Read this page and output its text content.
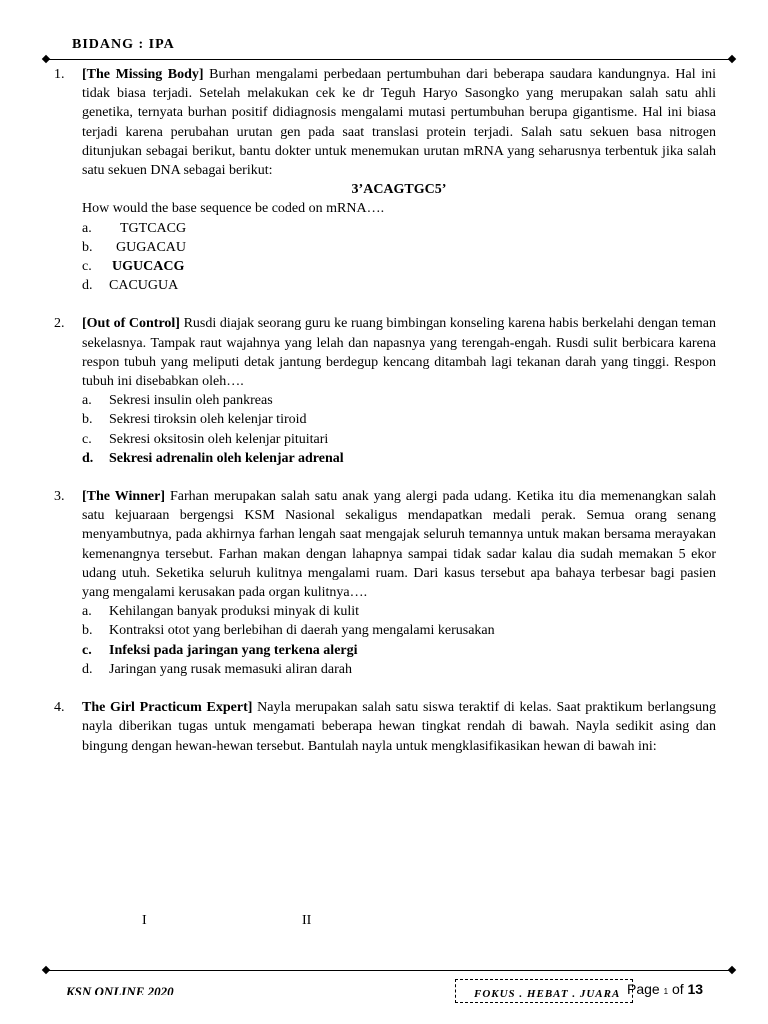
BIDANG : IPA
1. [The Missing Body] Burhan mengalami perbedaan pertumbuhan dari beberapa saudara kandungnya. Hal ini tidak biasa terjadi. Setelah melakukan cek ke dr Teguh Haryo Sasongko yang merupakan salah satu ahli genetika, ternyata burhan positif didiagnosis mengalami mutasi pertumbuhan berupa gigantisme. Hal ini biasa terjadi karena perubahan urutan gen pada saat translasi protein terjadi. Salah satu sekuen basa nitrogen ditunjukan sebagai berikut, bantu dokter untuk menemukan urutan mRNA yang seharusnya terbentuk jika salah satu sekuen DNA sebagai berikut:
3’ACAGTGC5’
How would the base sequence be coded on mRNA….
a.	TGTCACG
b.	GUGACAU
c.	UGUCACG
d.	CACUGUA
2. [Out of Control] Rusdi diajak seorang guru ke ruang bimbingan konseling karena habis berkelahi dengan teman sekelasnya. Tampak raut wajahnya yang lelah dan napasnya yang terengah-engah. Rusdi sulit berbicara karena respon tubuh yang meliputi detak jantung berdegup kencang ditambah lagi tekanan darah yang tinggi. Respon tubuh ini disebabkan oleh….
a.	Sekresi insulin oleh pankreas
b.	Sekresi tiroksin oleh kelenjar tiroid
c.	Sekresi oksitosin oleh kelenjar pituitari
d.	Sekresi adrenalin oleh kelenjar adrenal
3. [The Winner] Farhan merupakan salah satu anak yang alergi pada udang. Ketika itu dia memenangkan salah satu kejuaraan bergengsi KSM Nasional sekaligus mendapatkan medali perak. Semua orang senang menyambutnya, pada akhirnya farhan lengah saat mengajak seluruh temannya untuk makan bersama merayakan kemenangnya tersebut. Farhan makan dengan lahapnya sampai tidak sadar kalau dia sudah memakan 5 ekor udang utuh. Seketika seluruh kulitnya mengalami ruam. Dari kasus tersebut apa bahaya terbesar bagi pasien yang mengalami kerusakan pada organ kulitnya….
a.	Kehilangan banyak produksi minyak di kulit
b.	Kontraksi otot yang berlebihan di daerah yang mengalami kerusakan
c.	Infeksi pada jaringan yang terkena alergi
d.	Jaringan yang rusak memasuki aliran darah
4. The Girl Practicum Expert] Nayla merupakan salah satu siswa teraktif di kelas. Saat praktikum berlangsung nayla diberikan tugas untuk mengamati beberapa hewan tingkat rendah di bawah. Nayla sedikit asing dan bingung dengan hewan-hewan tersebut. Bantulah nayla untuk mengklasifikasikan hewan di bawah ini:
I	II
KSN ONLINE 2020	FOKUS . HEBAT . JUARA Page 1 of 13
